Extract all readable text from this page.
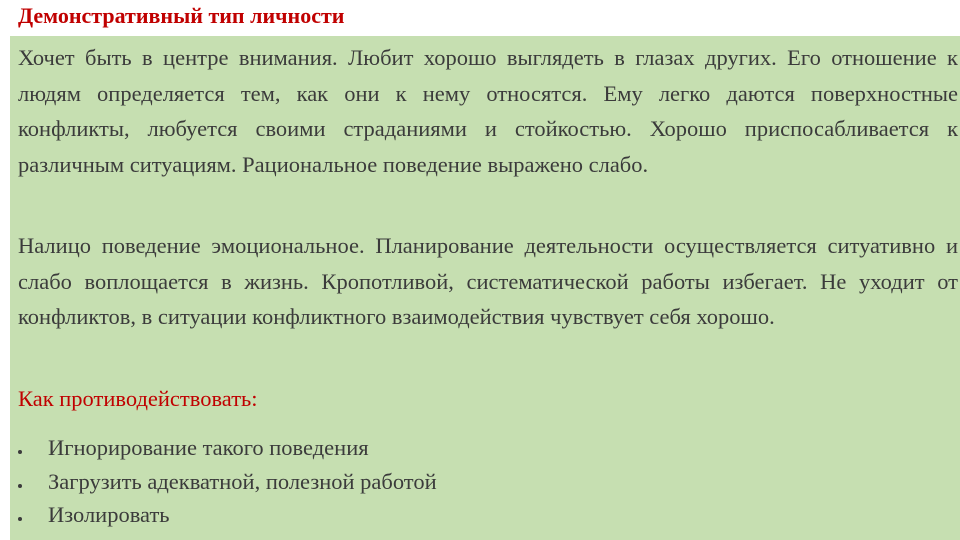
Демонстративный тип личности
Хочет быть в центре внимания. Любит хорошо выглядеть в глазах других. Его отношение к людям определяется тем, как они к нему относятся. Ему легко даются поверхностные конфликты, любуется своими страданиями и стойкостью. Хорошо приспосабливается к различным ситуациям. Рациональное поведение выражено слабо.
Налицо поведение эмоциональное. Планирование деятельности осуществляется ситуативно и слабо воплощается в жизнь. Кропотливой, систематической работы избегает. Не уходит от конфликтов, в ситуации конфликтного взаимодействия чувствует себя хорошо.
Как противодействовать:
Игнорирование такого поведения
Загрузить адекватной, полезной работой
Изолировать
